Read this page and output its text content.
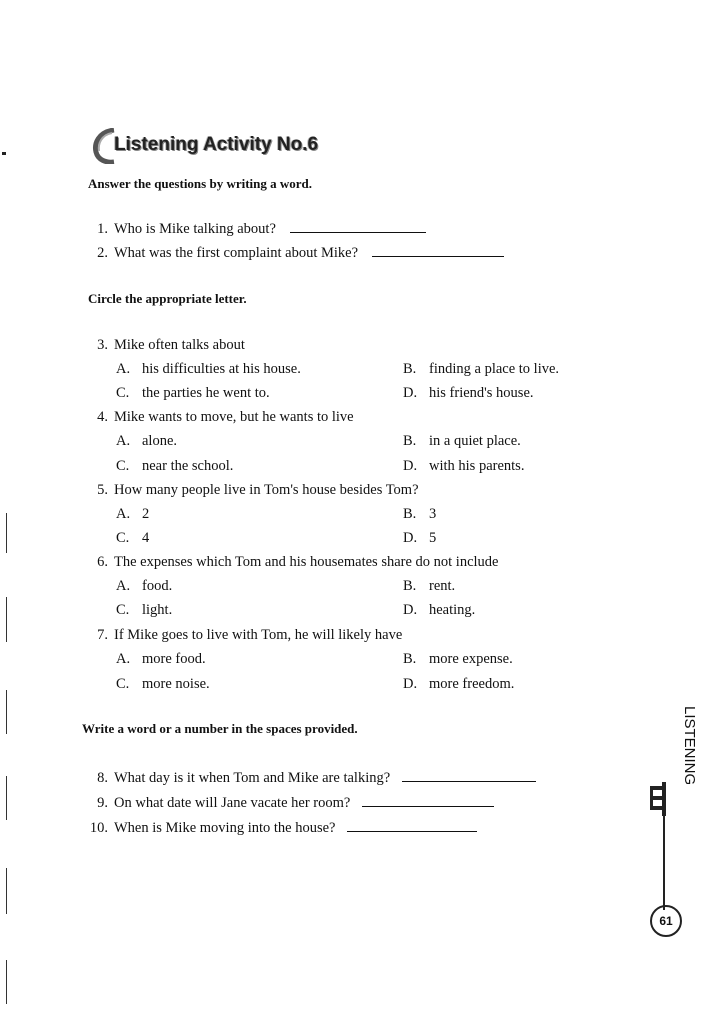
Listening Activity No.6
Answer the questions by writing a word.
1. Who is Mike talking about?
2. What was the first complaint about Mike?
Circle the appropriate letter.
3. Mike often talks about
A. his difficulties at his house.	B. finding a place to live.
C. the parties he went to.	D. his friend's house.
4. Mike wants to move, but he wants to live
A. alone.	B. in a quiet place.
C. near the school.	D. with his parents.
5. How many people live in Tom's house besides Tom?
A. 2	B. 3
C. 4	D. 5
6. The expenses which Tom and his housemates share do not include
A. food.	B. rent.
C. light.	D. heating.
7. If Mike goes to live with Tom, he will likely have
A. more food.	B. more expense.
C. more noise.	D. more freedom.
Write a word or a number in the spaces provided.
8. What day is it when Tom and Mike are talking?
9. On what date will Jane vacate her room?
10. When is Mike moving into the house?
LISTENING
61
